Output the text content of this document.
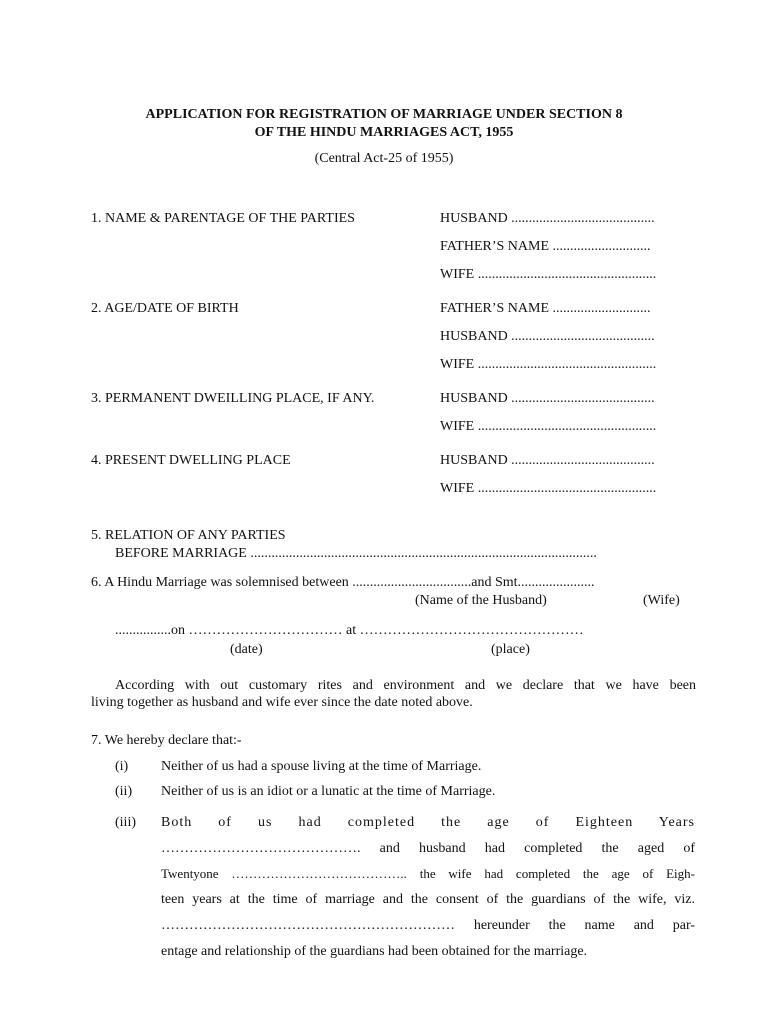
APPLICATION FOR REGISTRATION OF MARRIAGE UNDER SECTION 8
OF THE HINDU MARRIAGES ACT, 1955
(Central Act-25 of 1955)
1. NAME & PARENTAGE OF THE PARTIES	HUSBAND .........................................
FATHER’S NAME ............................
WIFE ...................................................
2. AGE/DATE OF BIRTH	FATHER’S NAME ............................
HUSBAND .........................................
WIFE ...................................................
3. PERMANENT DWEILLING PLACE, IF ANY.	HUSBAND .........................................
WIFE ...................................................
4. PRESENT DWELLING PLACE	HUSBAND .........................................
WIFE ...................................................
5. RELATION OF ANY PARTIES
BEFORE MARRIAGE ...................................................................................................
6. A Hindu Marriage was solemnised between ..................................and Smt......................
(Name of the Husband)	(Wife)
................on …………………………… at …………………………………………
(date)	(place)
According with out customary rites and environment and we declare that we have been
living together as husband and wife ever since the date noted above.
7. We hereby declare that:-
(i) Neither of us had a spouse living at the time of Marriage.
(ii) Neither of us is an idiot or a lunatic at the time of Marriage.
(iii) Both of us had completed the age of Eighteen Years
……………………………………. and husband had completed the aged of
Twentyone ………………………………….. the wife had completed the age of Eigh-
teen years at the time of marriage and the consent of the guardians of the wife, viz.
……………………………………………………… hereunder the name and par-
entage and relationship of the guardians had been obtained for the marriage.
